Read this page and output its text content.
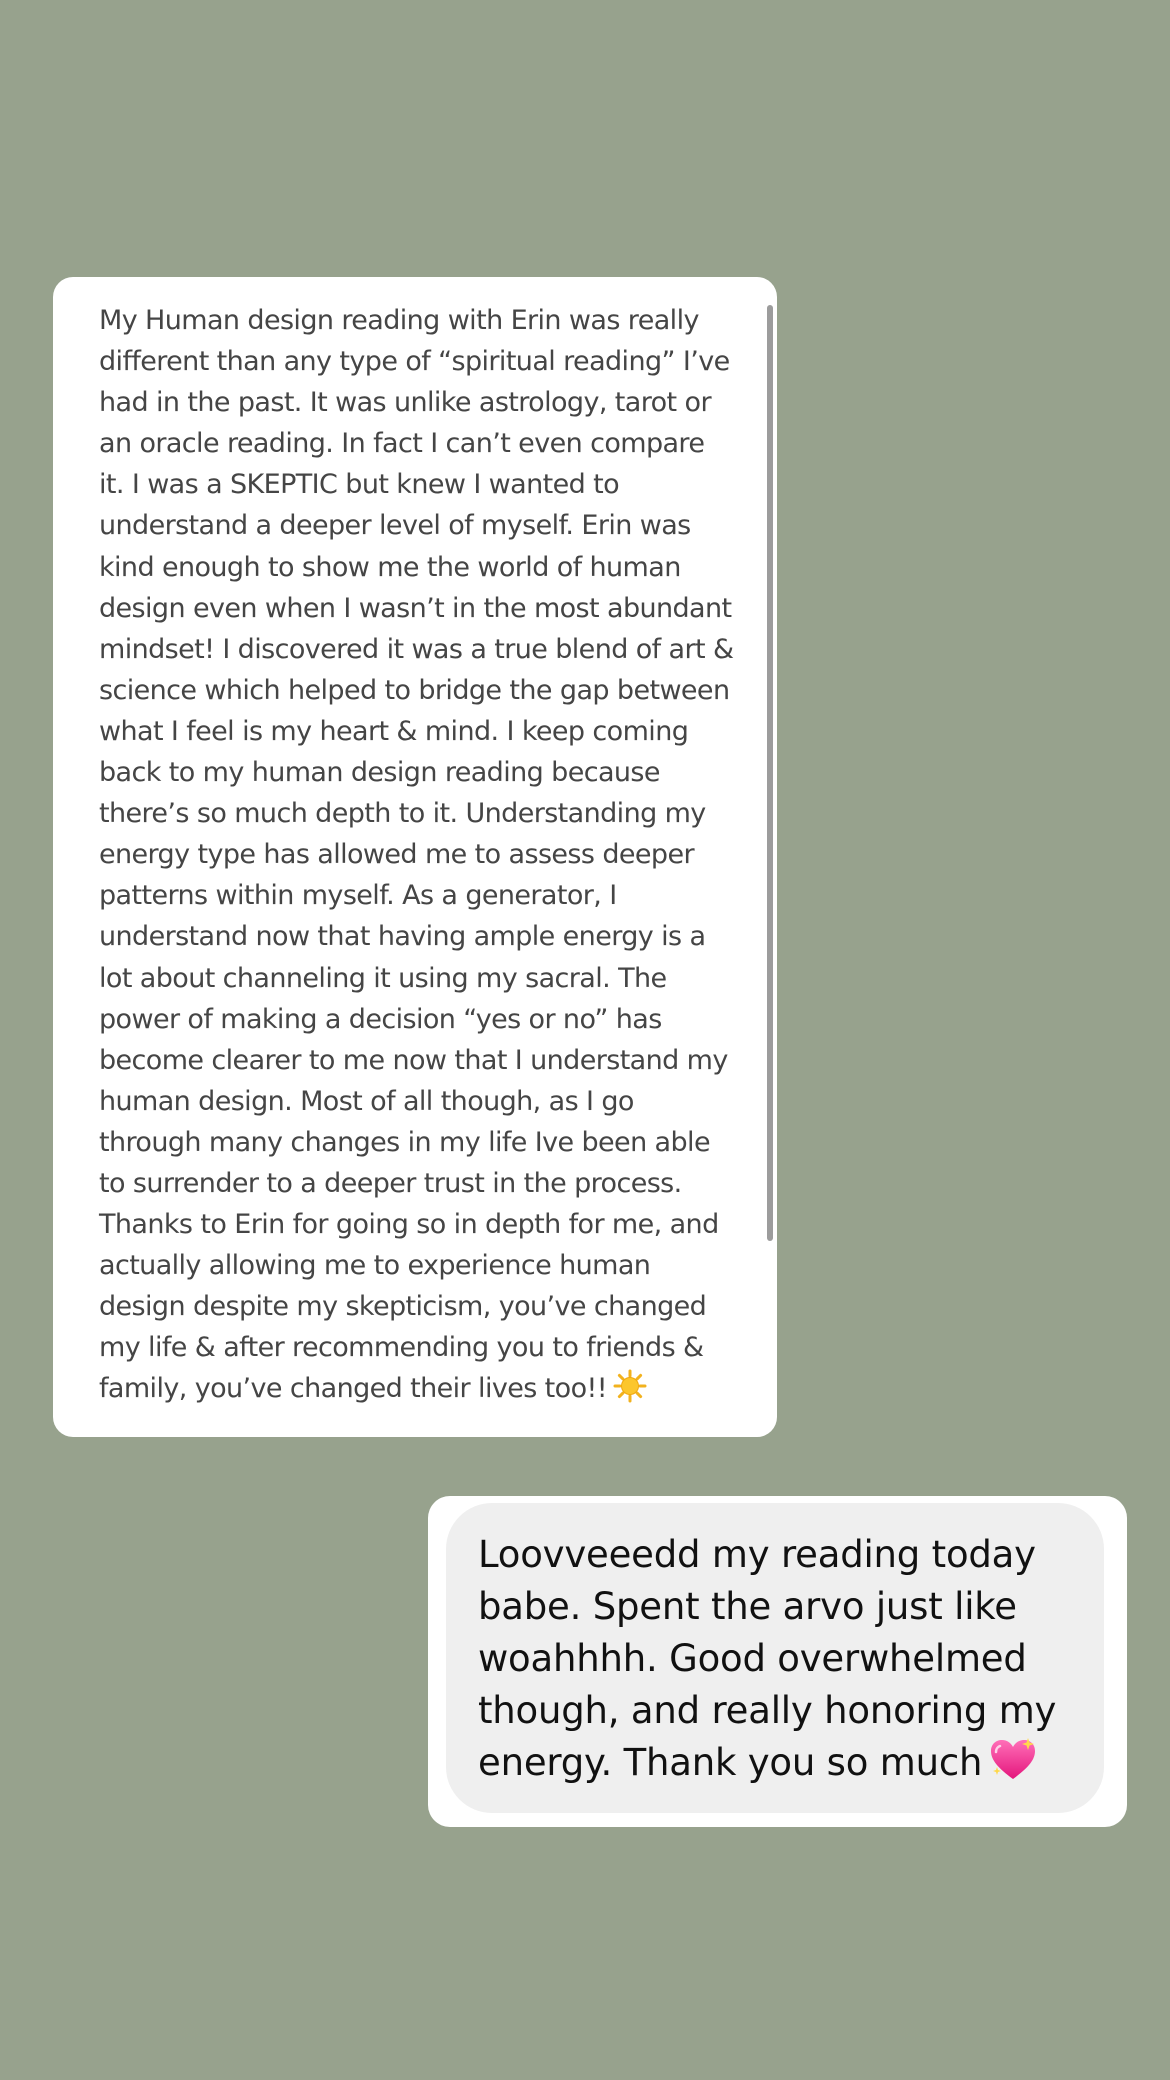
My Human design reading with Erin was really
different than any type of “spiritual reading” I’ve
had in the past. It was unlike astrology, tarot or
an oracle reading. In fact I can’t even compare
it. I was a SKEPTIC but knew I wanted to
understand a deeper level of myself. Erin was
kind enough to show me the world of human
design even when I wasn’t in the most abundant
mindset! I discovered it was a true blend of art &
science which helped to bridge the gap between
what I feel is my heart & mind. I keep coming
back to my human design reading because
there’s so much depth to it. Understanding my
energy type has allowed me to assess deeper
patterns within myself. As a generator, I
understand now that having ample energy is a
lot about channeling it using my sacral. The
power of making a decision “yes or no” has
become clearer to me now that I understand my
human design. Most of all though, as I go
through many changes in my life Ive been able
to surrender to a deeper trust in the process.
Thanks to Erin for going so in depth for me, and
actually allowing me to experience human
design despite my skepticism, you’ve changed
my life & after recommending you to friends &
family, you’ve changed their lives too!!

Loovveeedd my reading today
babe. Spent the arvo just like
woahhhh. Good overwhelmed
though, and really honoring my
energy. Thank you so much
